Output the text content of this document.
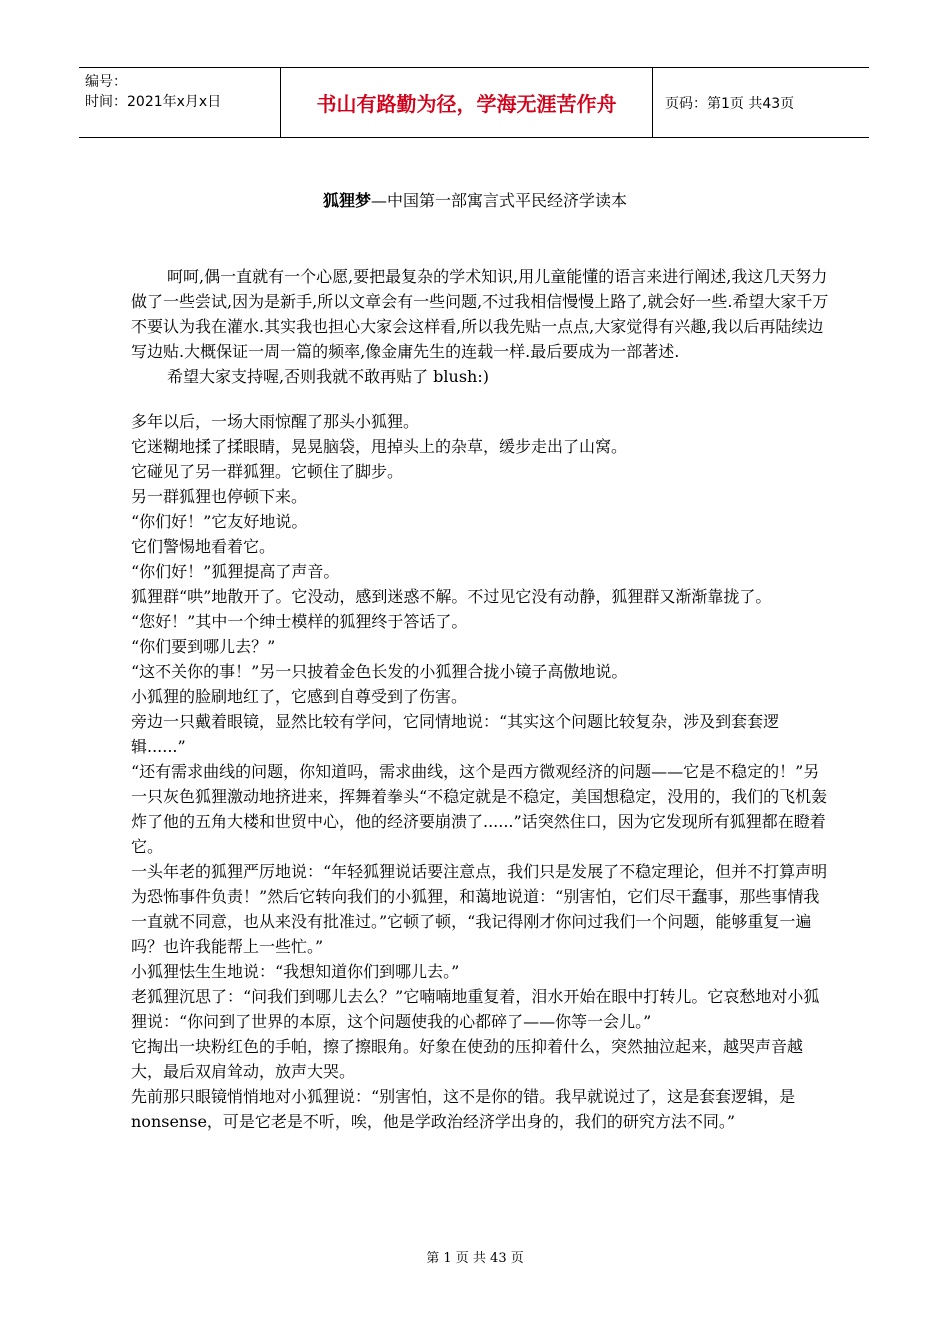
编号：
时间：2021年x月x日	书山有路勤为径，学海无涯苦作舟	页码：第1页 共43页
狐狸梦—中国第一部寓言式平民经济学读本

呵呵,偶一直就有一个心愿,要把最复杂的学术知识,用儿童能懂的语言来进行阐述,我这几天努力做了一些尝试,因为是新手,所以文章会有一些问题,不过我相信慢慢上路了,就会好一些.希望大家千万不要认为我在灌水.其实我也担心大家会这样看,所以我先贴一点点,大家觉得有兴趣,我以后再陆续边写边贴.大概保证一周一篇的频率,像金庸先生的连载一样.最后要成为一部著述.

希望大家支持喔,否则我就不敢再贴了 blush:)

多年以后，一场大雨惊醒了那头小狐狸。

它迷糊地揉了揉眼睛，晃晃脑袋，甩掉头上的杂草，缓步走出了山窝。

它碰见了另一群狐狸。它顿住了脚步。

另一群狐狸也停顿下来。

“你们好！”它友好地说。

它们警惕地看着它。

“你们好！”狐狸提高了声音。

狐狸群“哄”地散开了。它没动，感到迷惑不解。不过见它没有动静，狐狸群又渐渐靠拢了。

“您好！”其中一个绅士模样的狐狸终于答话了。

“你们要到哪儿去？”

“这不关你的事！”另一只披着金色长发的小狐狸合拢小镜子高傲地说。

小狐狸的脸刷地红了，它感到自尊受到了伤害。

旁边一只戴着眼镜，显然比较有学问，它同情地说：“其实这个问题比较复杂，涉及到套套逻辑......”

“还有需求曲线的问题，你知道吗，需求曲线，这个是西方微观经济的问题——它是不稳定的！”另一只灰色狐狸激动地挤进来，挥舞着拳头“不稳定就是不稳定，美国想稳定，没用的，我们的飞机轰炸了他的五角大楼和世贸中心，他的经济要崩溃了......”话突然住口，因为它发现所有狐狸都在瞪着它。

一头年老的狐狸严厉地说：“年轻狐狸说话要注意点，我们只是发展了不稳定理论，但并不打算声明为恐怖事件负责！”然后它转向我们的小狐狸，和蔼地说道：“别害怕，它们尽干蠢事，那些事情我一直就不同意，也从来没有批准过。”它顿了顿，“我记得刚才你问过我们一个问题，能够重复一遍吗？也许我能帮上一些忙。”

小狐狸怯生生地说：“我想知道你们到哪儿去。”

老狐狸沉思了：“问我们到哪儿去么？”它喃喃地重复着，泪水开始在眼中打转儿。它哀愁地对小狐狸说：“你问到了世界的本原，这个问题使我的心都碎了——你等一会儿。”

它掏出一块粉红色的手帕，擦了擦眼角。好象在使劲的压抑着什么，突然抽泣起来，越哭声音越大，最后双肩耸动，放声大哭。

先前那只眼镜悄悄地对小狐狸说：“别害怕，这不是你的错。我早就说过了，这是套套逻辑，是nonsense，可是它老是不听，唉，他是学政治经济学出身的，我们的研究方法不同。”

第 1 页 共 43 页
